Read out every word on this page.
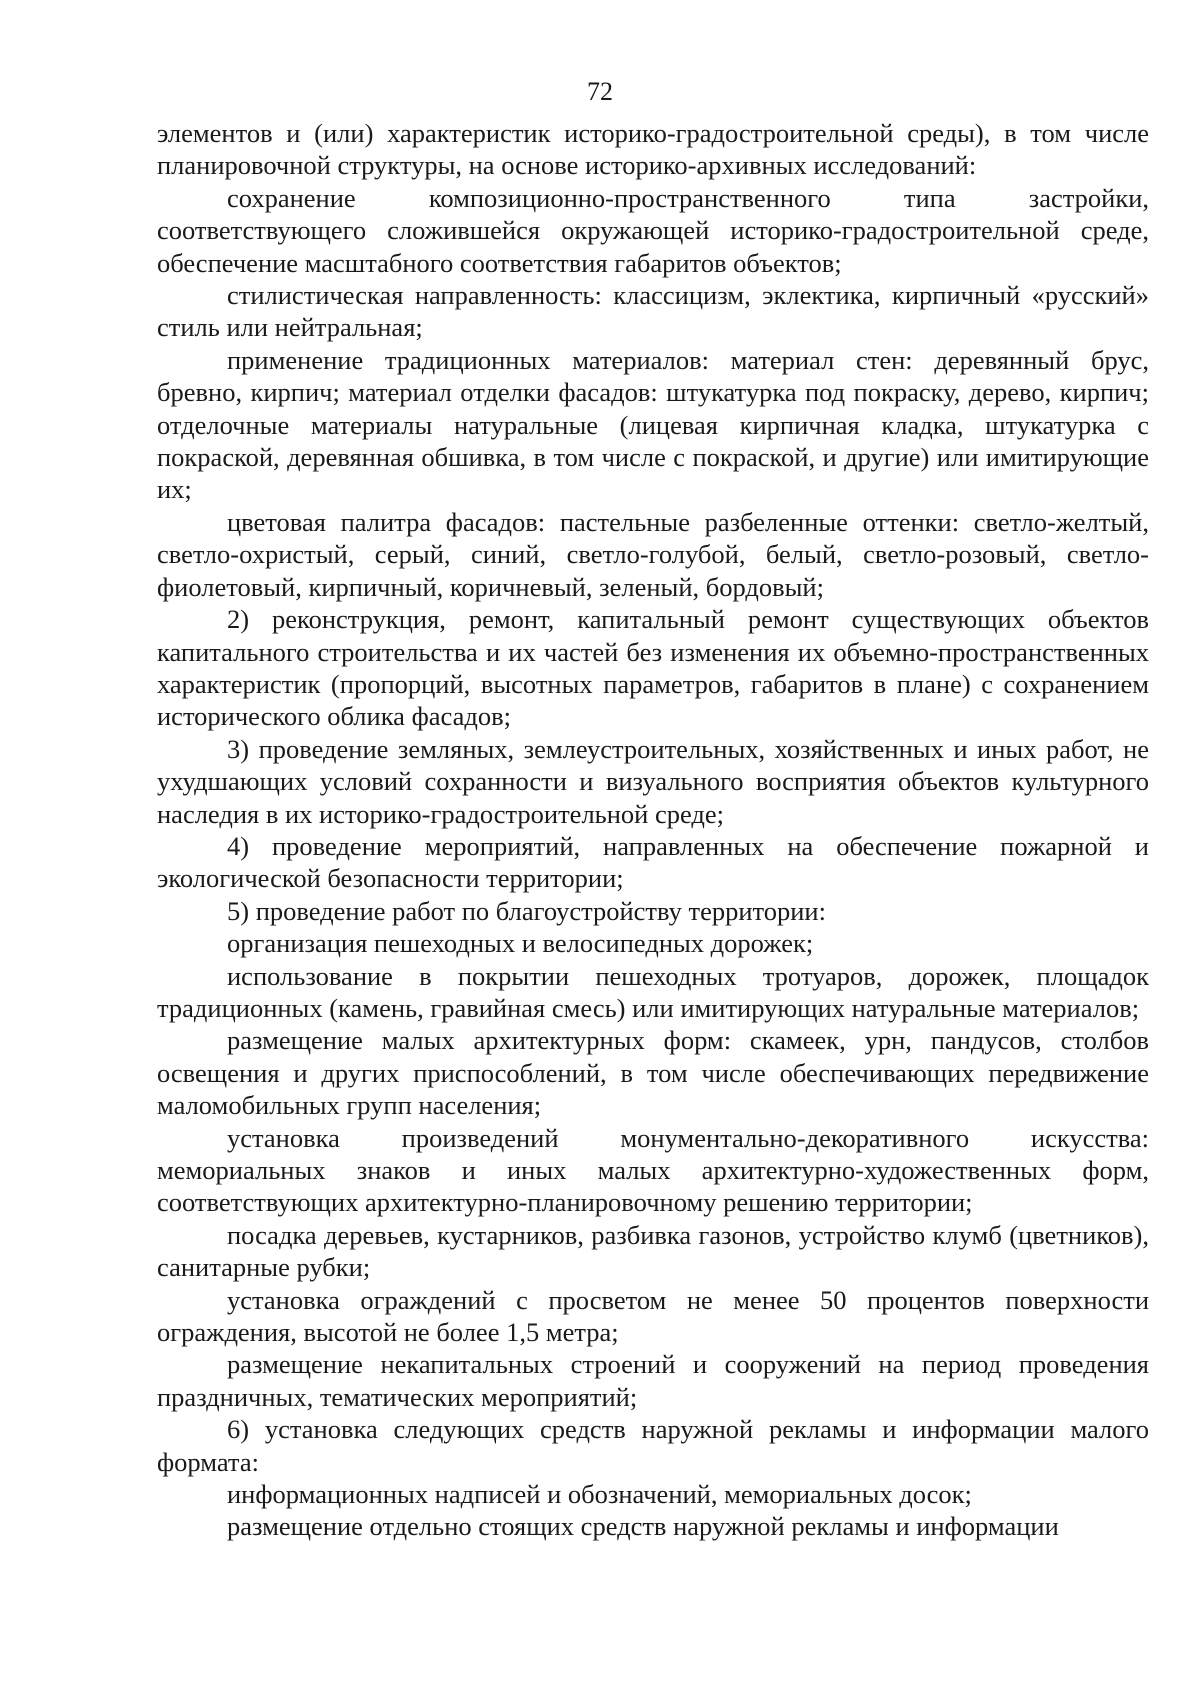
72

элементов и (или) характеристик историко-градостроительной среды), в том числе планировочной структуры, на основе историко-архивных исследований:

сохранение композиционно-пространственного типа застройки, соответствующего сложившейся окружающей историко-градостроительной среде, обеспечение масштабного соответствия габаритов объектов;

стилистическая направленность: классицизм, эклектика, кирпичный «русский» стиль или нейтральная;

применение традиционных материалов: материал стен: деревянный брус, бревно, кирпич; материал отделки фасадов: штукатурка под покраску, дерево, кирпич; отделочные материалы натуральные (лицевая кирпичная кладка, штукатурка с покраской, деревянная обшивка, в том числе с покраской, и другие) или имитирующие их;

цветовая палитра фасадов: пастельные разбеленные оттенки: светло-желтый, светло-охристый, серый, синий, светло-голубой, белый, светло-розовый, светло-фиолетовый, кирпичный, коричневый, зеленый, бордовый;

2) реконструкция, ремонт, капитальный ремонт существующих объектов капитального строительства и их частей без изменения их объемно-пространственных характеристик (пропорций, высотных параметров, габаритов в плане) с сохранением исторического облика фасадов;

3) проведение земляных, землеустроительных, хозяйственных и иных работ, не ухудшающих условий сохранности и визуального восприятия объектов культурного наследия в их историко-градостроительной среде;

4) проведение мероприятий, направленных на обеспечение пожарной и экологической безопасности территории;

5) проведение работ по благоустройству территории:

организация пешеходных и велосипедных дорожек;

использование в покрытии пешеходных тротуаров, дорожек, площадок традиционных (камень, гравийная смесь) или имитирующих натуральные материалов;

размещение малых архитектурных форм: скамеек, урн, пандусов, столбов освещения и других приспособлений, в том числе обеспечивающих передвижение маломобильных групп населения;

установка произведений монументально-декоративного искусства: мемориальных знаков и иных малых архитектурно-художественных форм, соответствующих архитектурно-планировочному решению территории;

посадка деревьев, кустарников, разбивка газонов, устройство клумб (цветников), санитарные рубки;

установка ограждений с просветом не менее 50 процентов поверхности ограждения, высотой не более 1,5 метра;

размещение некапитальных строений и сооружений на период проведения праздничных, тематических мероприятий;

6) установка следующих средств наружной рекламы и информации малого формата:

информационных надписей и обозначений, мемориальных досок;

размещение отдельно стоящих средств наружной рекламы и информации
